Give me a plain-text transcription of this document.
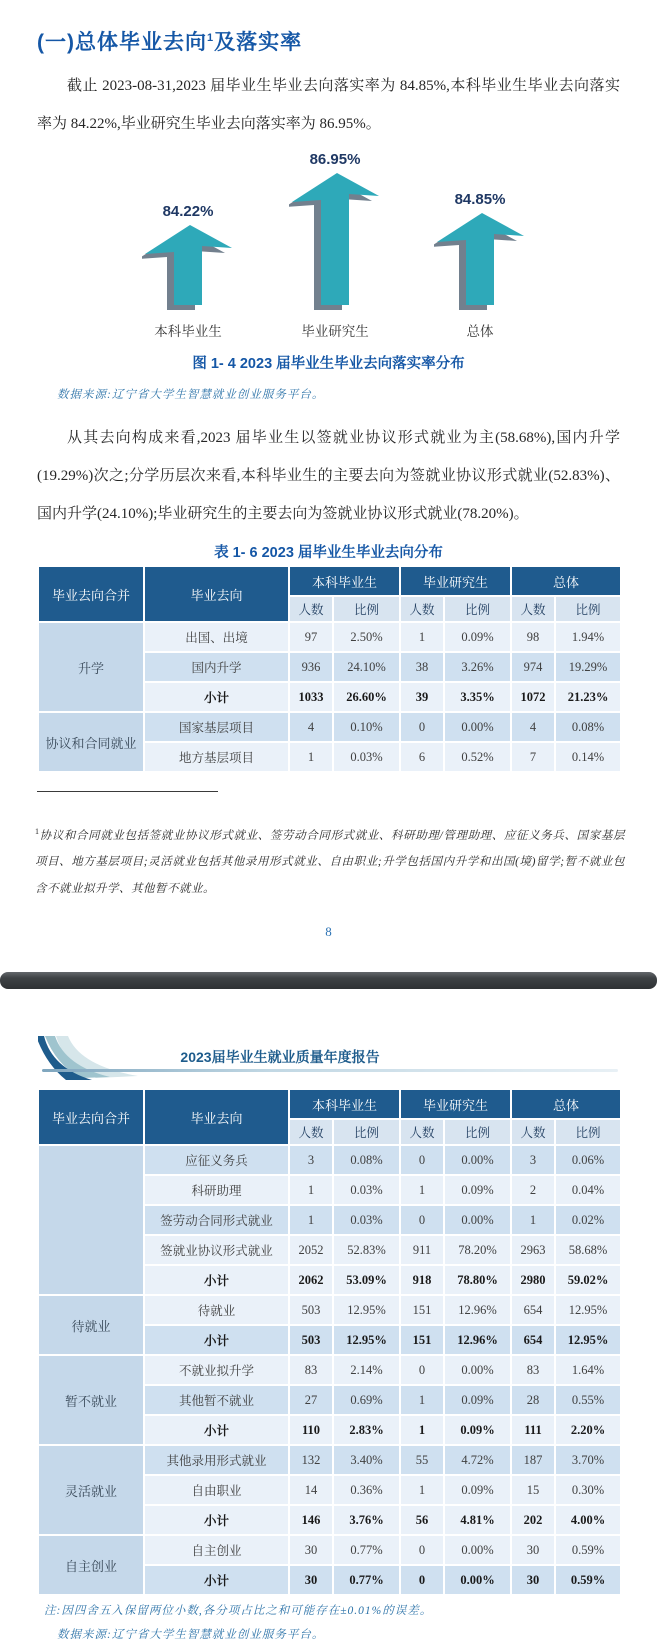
(一)总体毕业去向$^1$及落实率

截止 2023-08-31,2023 届毕业生毕业去向落实率为 84.85%,本科毕业生毕业去向落实率为 84.22%,毕业研究生毕业去向落实率为 86.95%。

84.22%
本科毕业生
86.95%
毕业研究生
84.85%
总体
图 1- 4 2023 届毕业生毕业去向落实率分布
数据来源:辽宁省大学生智慧就业创业服务平台。

从其去向构成来看,2023 届毕业生以签就业协议形式就业为主(58.68%),国内升学(19.29%)次之;分学历层次来看,本科毕业生的主要去向为签就业协议形式就业(52.83%)、国内升学(24.10%);毕业研究生的主要去向为签就业协议形式就业(78.20%)。

表 1- 6 2023 届毕业生毕业去向分布
毕业去向合并	毕业去向	本科毕业生		毕业研究生		总体	
		人数	比例	人数	比例	人数	比例
升学	出国、出境	97	2.50%	1	0.09%	98	1.94%
	国内升学	936	24.10%	38	3.26%	974	19.29%
	小计	1033	26.60%	39	3.35%	1072	21.23%
协议和合同就业	国家基层项目	4	0.10%	0	0.00%	4	0.08%
	地方基层项目	1	0.03%	6	0.52%	7	0.14%

$^1$协议和合同就业包括签就业协议形式就业、签劳动合同形式就业、科研助理/管理助理、应征义务兵、国家基层项目、地方基层项目;灵活就业包括其他录用形式就业、自由职业;升学包括国内升学和出国(境)留学;暂不就业包含不就业拟升学、其他暂不就业。

8
2023届毕业生就业质量年度报告
毕业去向合并	毕业去向	本科毕业生		毕业研究生		总体	
		人数	比例	人数	比例	人数	比例
	应征义务兵	3	0.08%	0	0.00%	3	0.06%
	科研助理	1	0.03%	1	0.09%	2	0.04%
	签劳动合同形式就业	1	0.03%	0	0.00%	1	0.02%
	签就业协议形式就业	2052	52.83%	911	78.20%	2963	58.68%
	小计	2062	53.09%	918	78.80%	2980	59.02%
待就业	待就业	503	12.95%	151	12.96%	654	12.95%
	小计	503	12.95%	151	12.96%	654	12.95%
暂不就业	不就业拟升学	83	2.14%	0	0.00%	83	1.64%
	其他暂不就业	27	0.69%	1	0.09%	28	0.55%
	小计	110	2.83%	1	0.09%	111	2.20%
灵活就业	其他录用形式就业	132	3.40%	55	4.72%	187	3.70%
	自由职业	14	0.36%	1	0.09%	15	0.30%
	小计	146	3.76%	56	4.81%	202	4.00%
自主创业	自主创业	30	0.77%	0	0.00%	30	0.59%
	小计	30	0.77%	0	0.00%	30	0.59%
注:因四舍五入保留两位小数,各分项占比之和可能存在±0.01%的误差。
数据来源:辽宁省大学生智慧就业创业服务平台。
